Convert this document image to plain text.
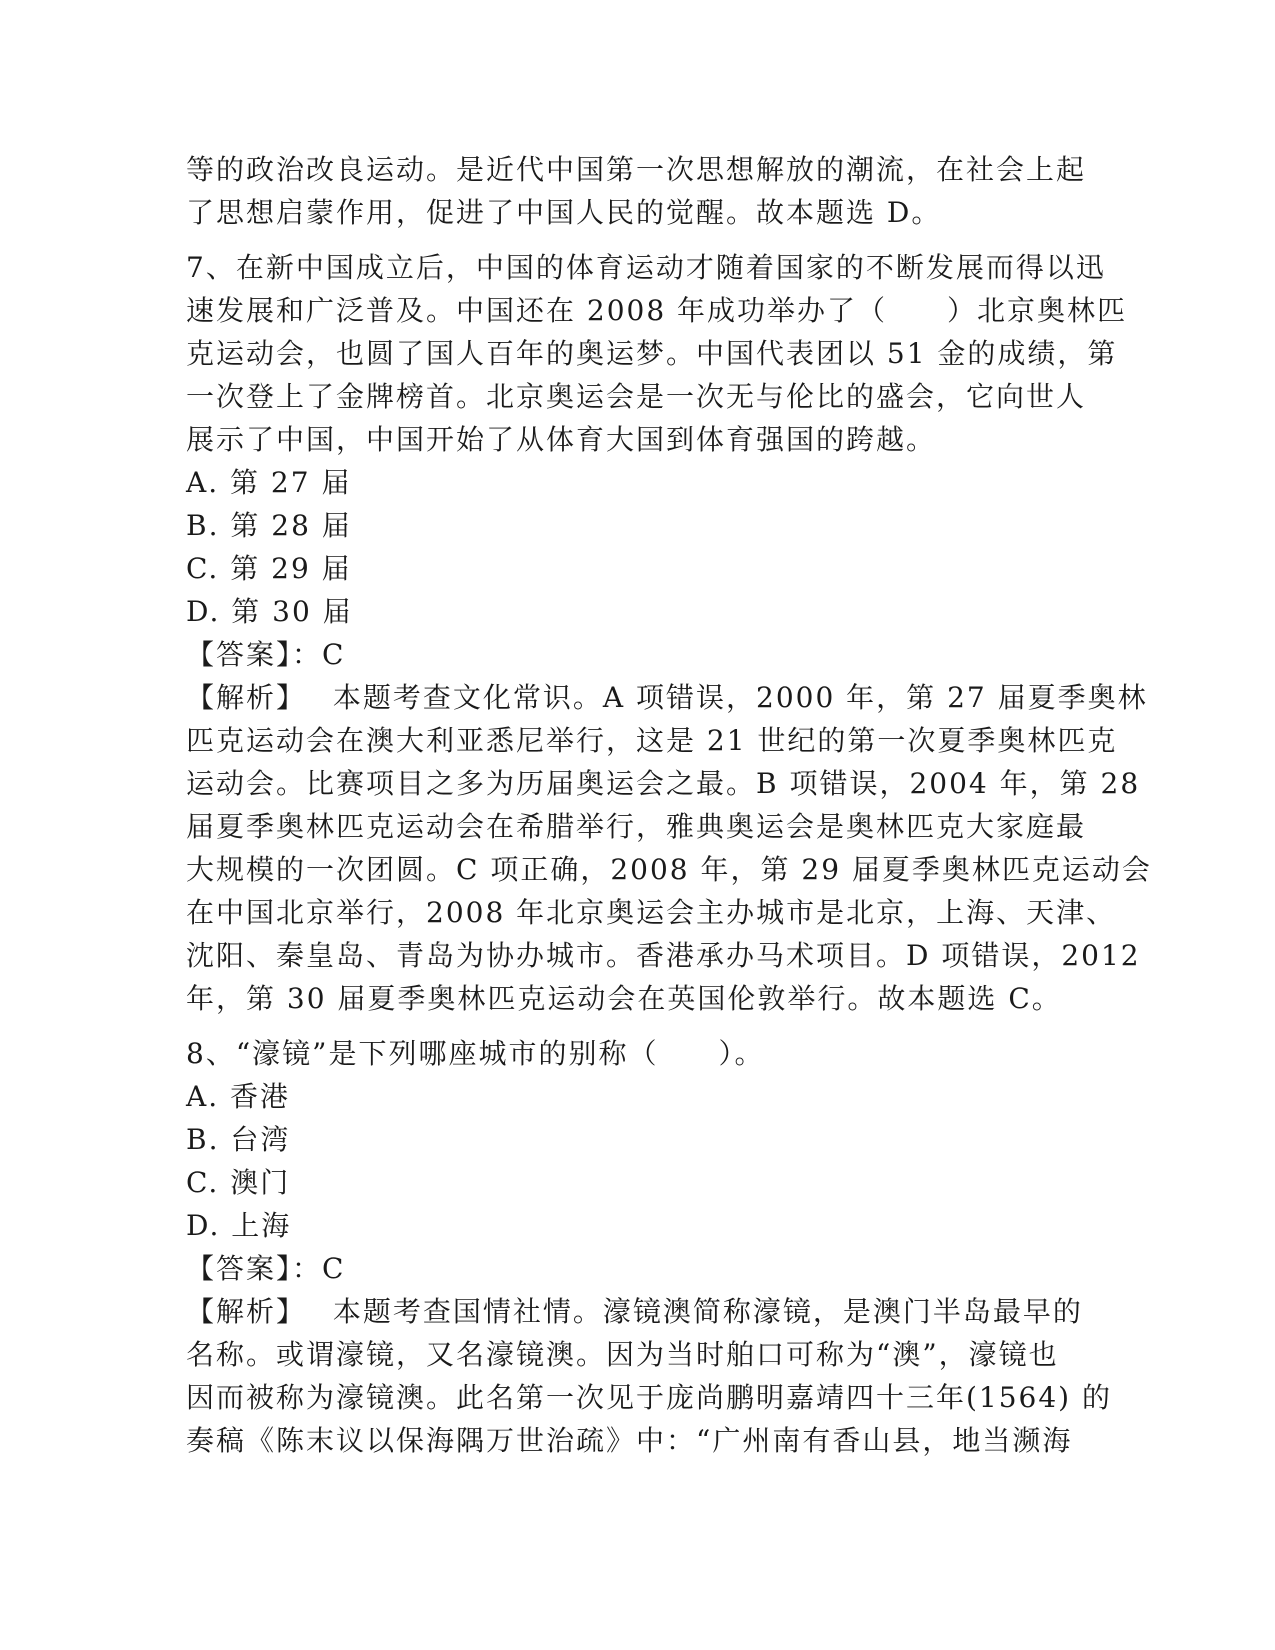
等的政治改良运动。是近代中国第一次思想解放的潮流，在社会上起
了思想启蒙作用，促进了中国人民的觉醒。故本题选 D。
7、在新中国成立后，中国的体育运动才随着国家的不断发展而得以迅
速发展和广泛普及。中国还在 2008 年成功举办了（　　）北京奥林匹
克运动会，也圆了国人百年的奥运梦。中国代表团以 51 金的成绩，第
一次登上了金牌榜首。北京奥运会是一次无与伦比的盛会，它向世人
展示了中国，中国开始了从体育大国到体育强国的跨越。
A. 第 27 届
B. 第 28 届
C. 第 29 届
D. 第 30 届
【答案】：C
【解析】　 本题考查文化常识。A 项错误，2000 年，第 27 届夏季奥林
匹克运动会在澳大利亚悉尼举行，这是 21 世纪的第一次夏季奥林匹克
运动会。比赛项目之多为历届奥运会之最。B 项错误，2004 年，第 28
届夏季奥林匹克运动会在希腊举行，雅典奥运会是奥林匹克大家庭最
大规模的一次团圆。C 项正确，2008 年，第 29 届夏季奥林匹克运动会
在中国北京举行，2008 年北京奥运会主办城市是北京，上海、天津、
沈阳、秦皇岛、青岛为协办城市。香港承办马术项目。D 项错误，2012
年，第 30 届夏季奥林匹克运动会在英国伦敦举行。故本题选 C。
8、“濠镜”是下列哪座城市的别称（　　）。
A. 香港
B. 台湾
C. 澳门
D. 上海
【答案】：C
【解析】　 本题考查国情社情。濠镜澳简称濠镜，是澳门半岛最早的
名称。或谓濠镜，又名濠镜澳。因为当时舶口可称为“澳”，濠镜也
因而被称为濠镜澳。此名第一次见于庞尚鹏明嘉靖四十三年(1564) 的
奏稿《陈末议以保海隅万世治疏》中：“广州南有香山县，地当濒海
